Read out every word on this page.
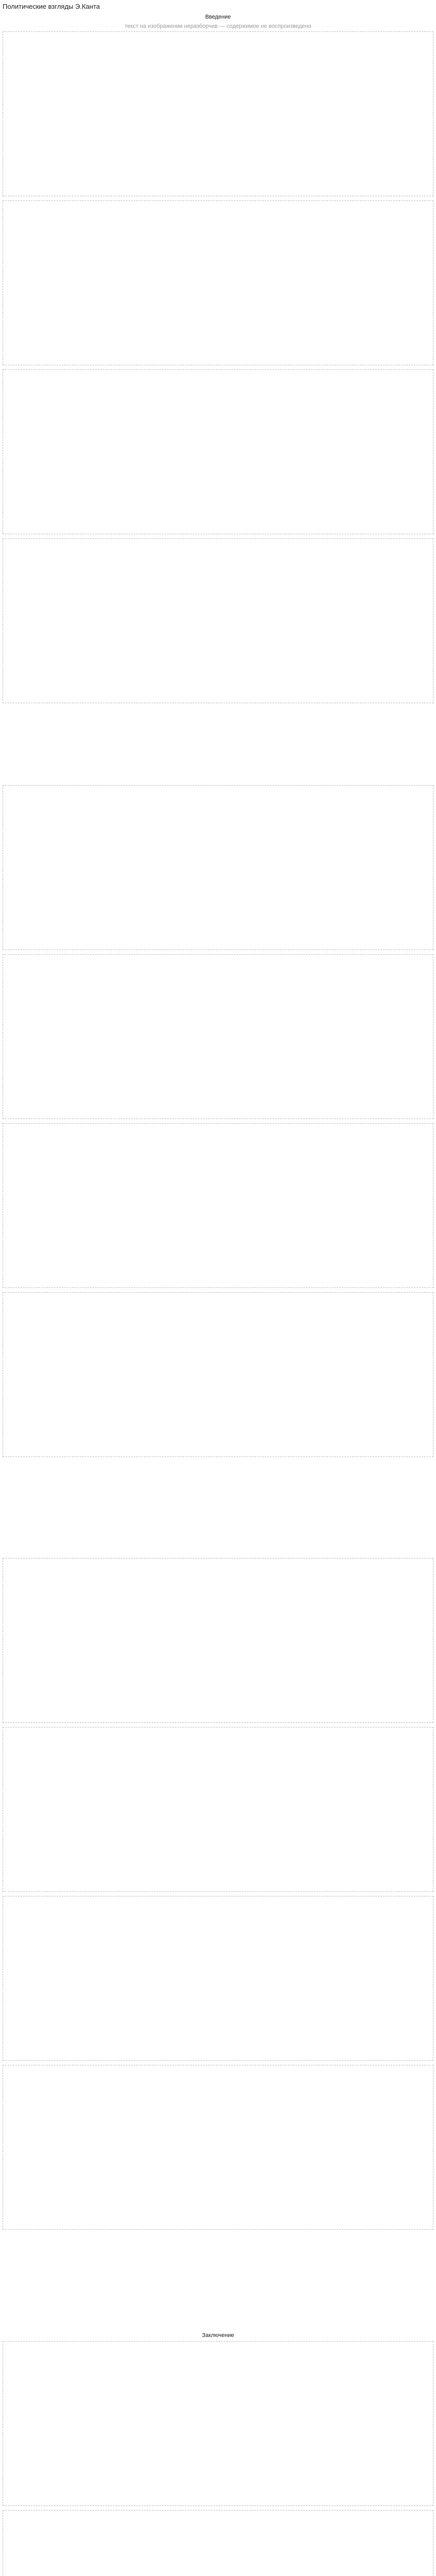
Политические взгляды Э.Канта
Введение
текст на изображении неразборчив — содержимое не воспроизведено
Заключение
